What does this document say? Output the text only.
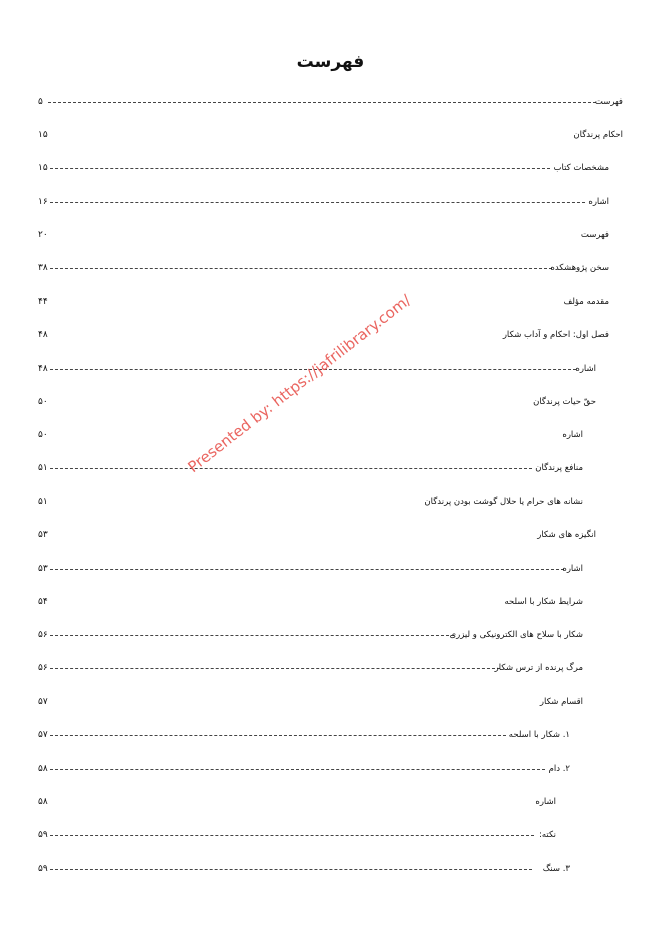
فهرست
۵	فهرست
۱۵	احکام پرندگان
۱۵	مشخصات کتاب
۱۶	اشاره
۲۰	فهرست
۳۸	سخن پژوهشکده
۴۴	مقدمه مؤلف
۴۸	فصل اول: احکام و آداب شکار
۴۸	اشاره
۵۰	حقّ حیات پرندگان
۵۰	اشاره
۵۱	منافع پرندگان
۵۱	نشانه های حرام یا حلال گوشت بودن پرندگان
۵۳	انگیزه های شکار
۵۳	اشاره
۵۴	شرایط شکار با اسلحه
۵۶	شکار با سلاح های الکترونیکی و لیزری
۵۶	مرگ پرنده از ترس شکار
۵۷	اقسام شکار
۵۷	۱. شکار با اسلحه
۵۸	۲. دام
۵۸	اشاره
۵۹	نکته:
۵۹	۳. سنگ
Presented by: https://jafrilibrary.com/
